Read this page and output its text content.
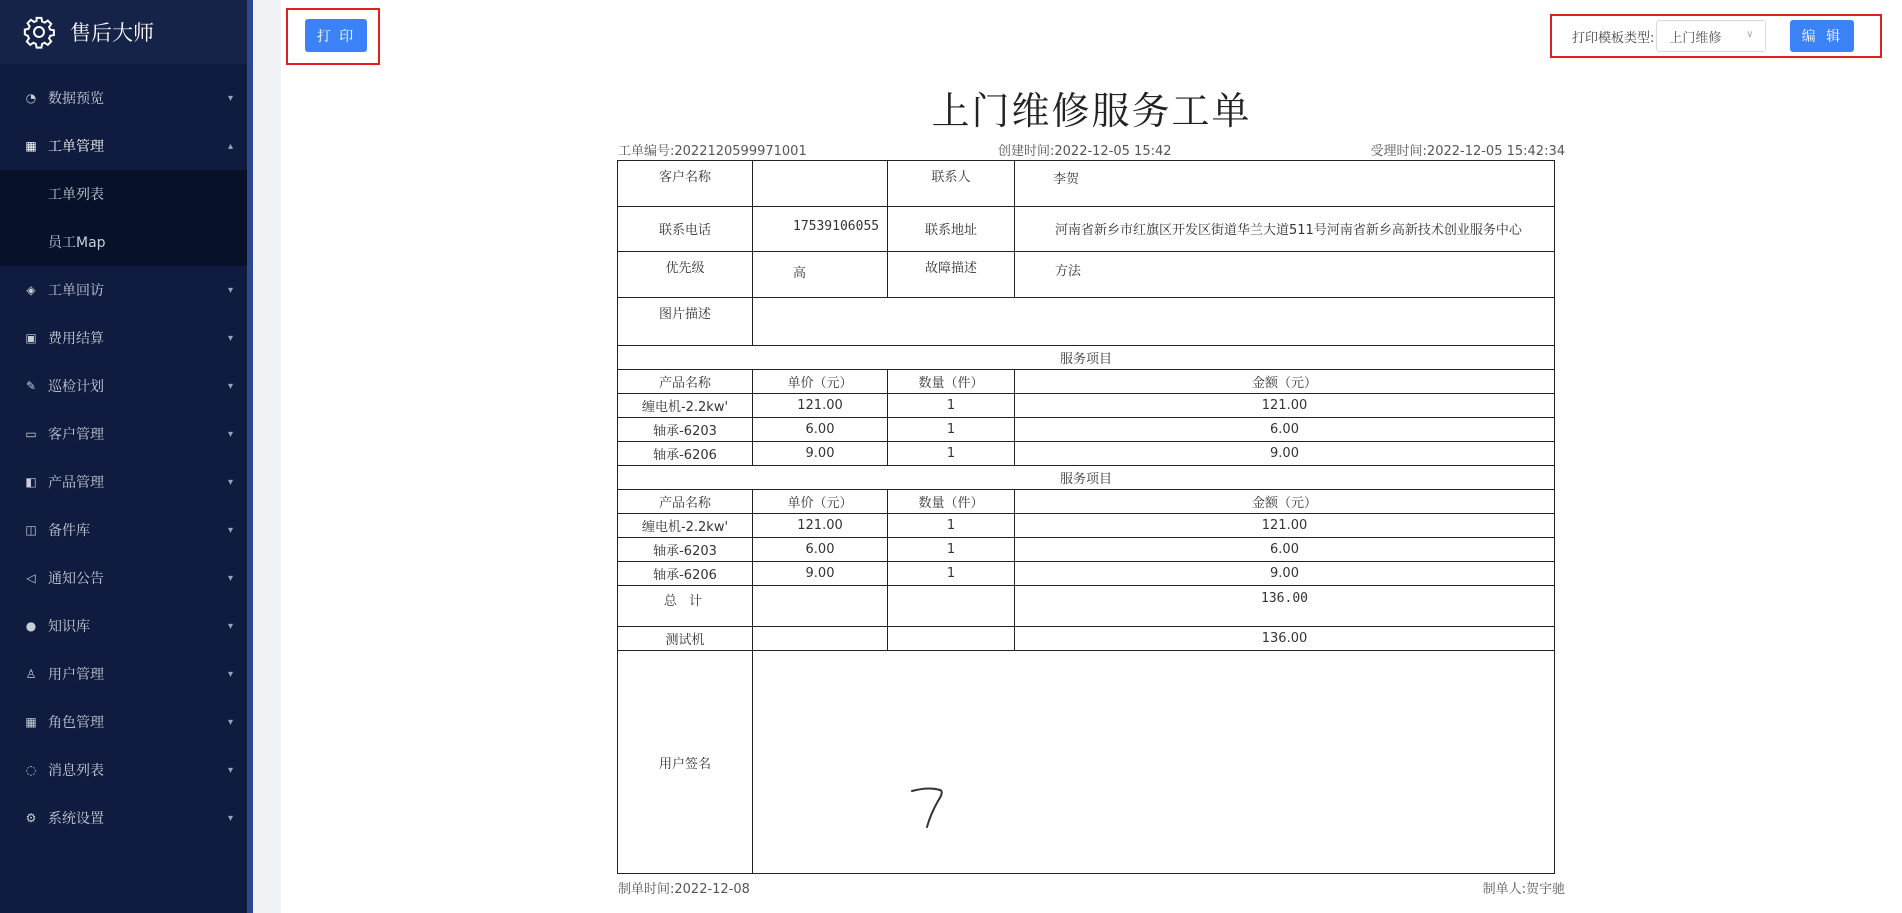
售后大师
◔ 数据预览	▾
▦ 工单管理	▴
工单列表
员工Map
◈ 工单回访	▾
▣ 费用结算	▾
✎ 巡检计划	▾
▭ 客户管理	▾
◧ 产品管理	▾
◫ 备件库	▾
◁ 通知公告	▾
● 知识库	▾
♙ 用户管理	▾
▦ 角色管理	▾
◌ 消息列表	▾
⚙ 系统设置	▾
打 印	打印模板类型: 上门维修 ∨	编 辑
上门维修服务工单
工单编号:2022120599971001	创建时间:2022-12-05 15:42	受理时间:2022-12-05 15:42:34
客户名称		联系人	李贺
联系电话	17539106055	联系地址	河南省新乡市红旗区开发区街道华兰大道511号河南省新乡高新技术创业服务中心
优先级	高	故障描述	方法
图片描述			
服务项目			
产品名称	单价（元）	数量（件）	金额（元）
缠电机-2.2kw'	121.00	1	121.00
轴承-6203	6.00	1	6.00
轴承-6206	9.00	1	9.00
服务项目			
产品名称	单价（元）	数量（件）	金额（元）
缠电机-2.2kw'	121.00	1	121.00
轴承-6203	6.00	1	6.00
轴承-6206	9.00	1	9.00
总 计			136.00
测试机			136.00
用户签名	
制单时间:2022-12-08	制单人:贺宇驰
